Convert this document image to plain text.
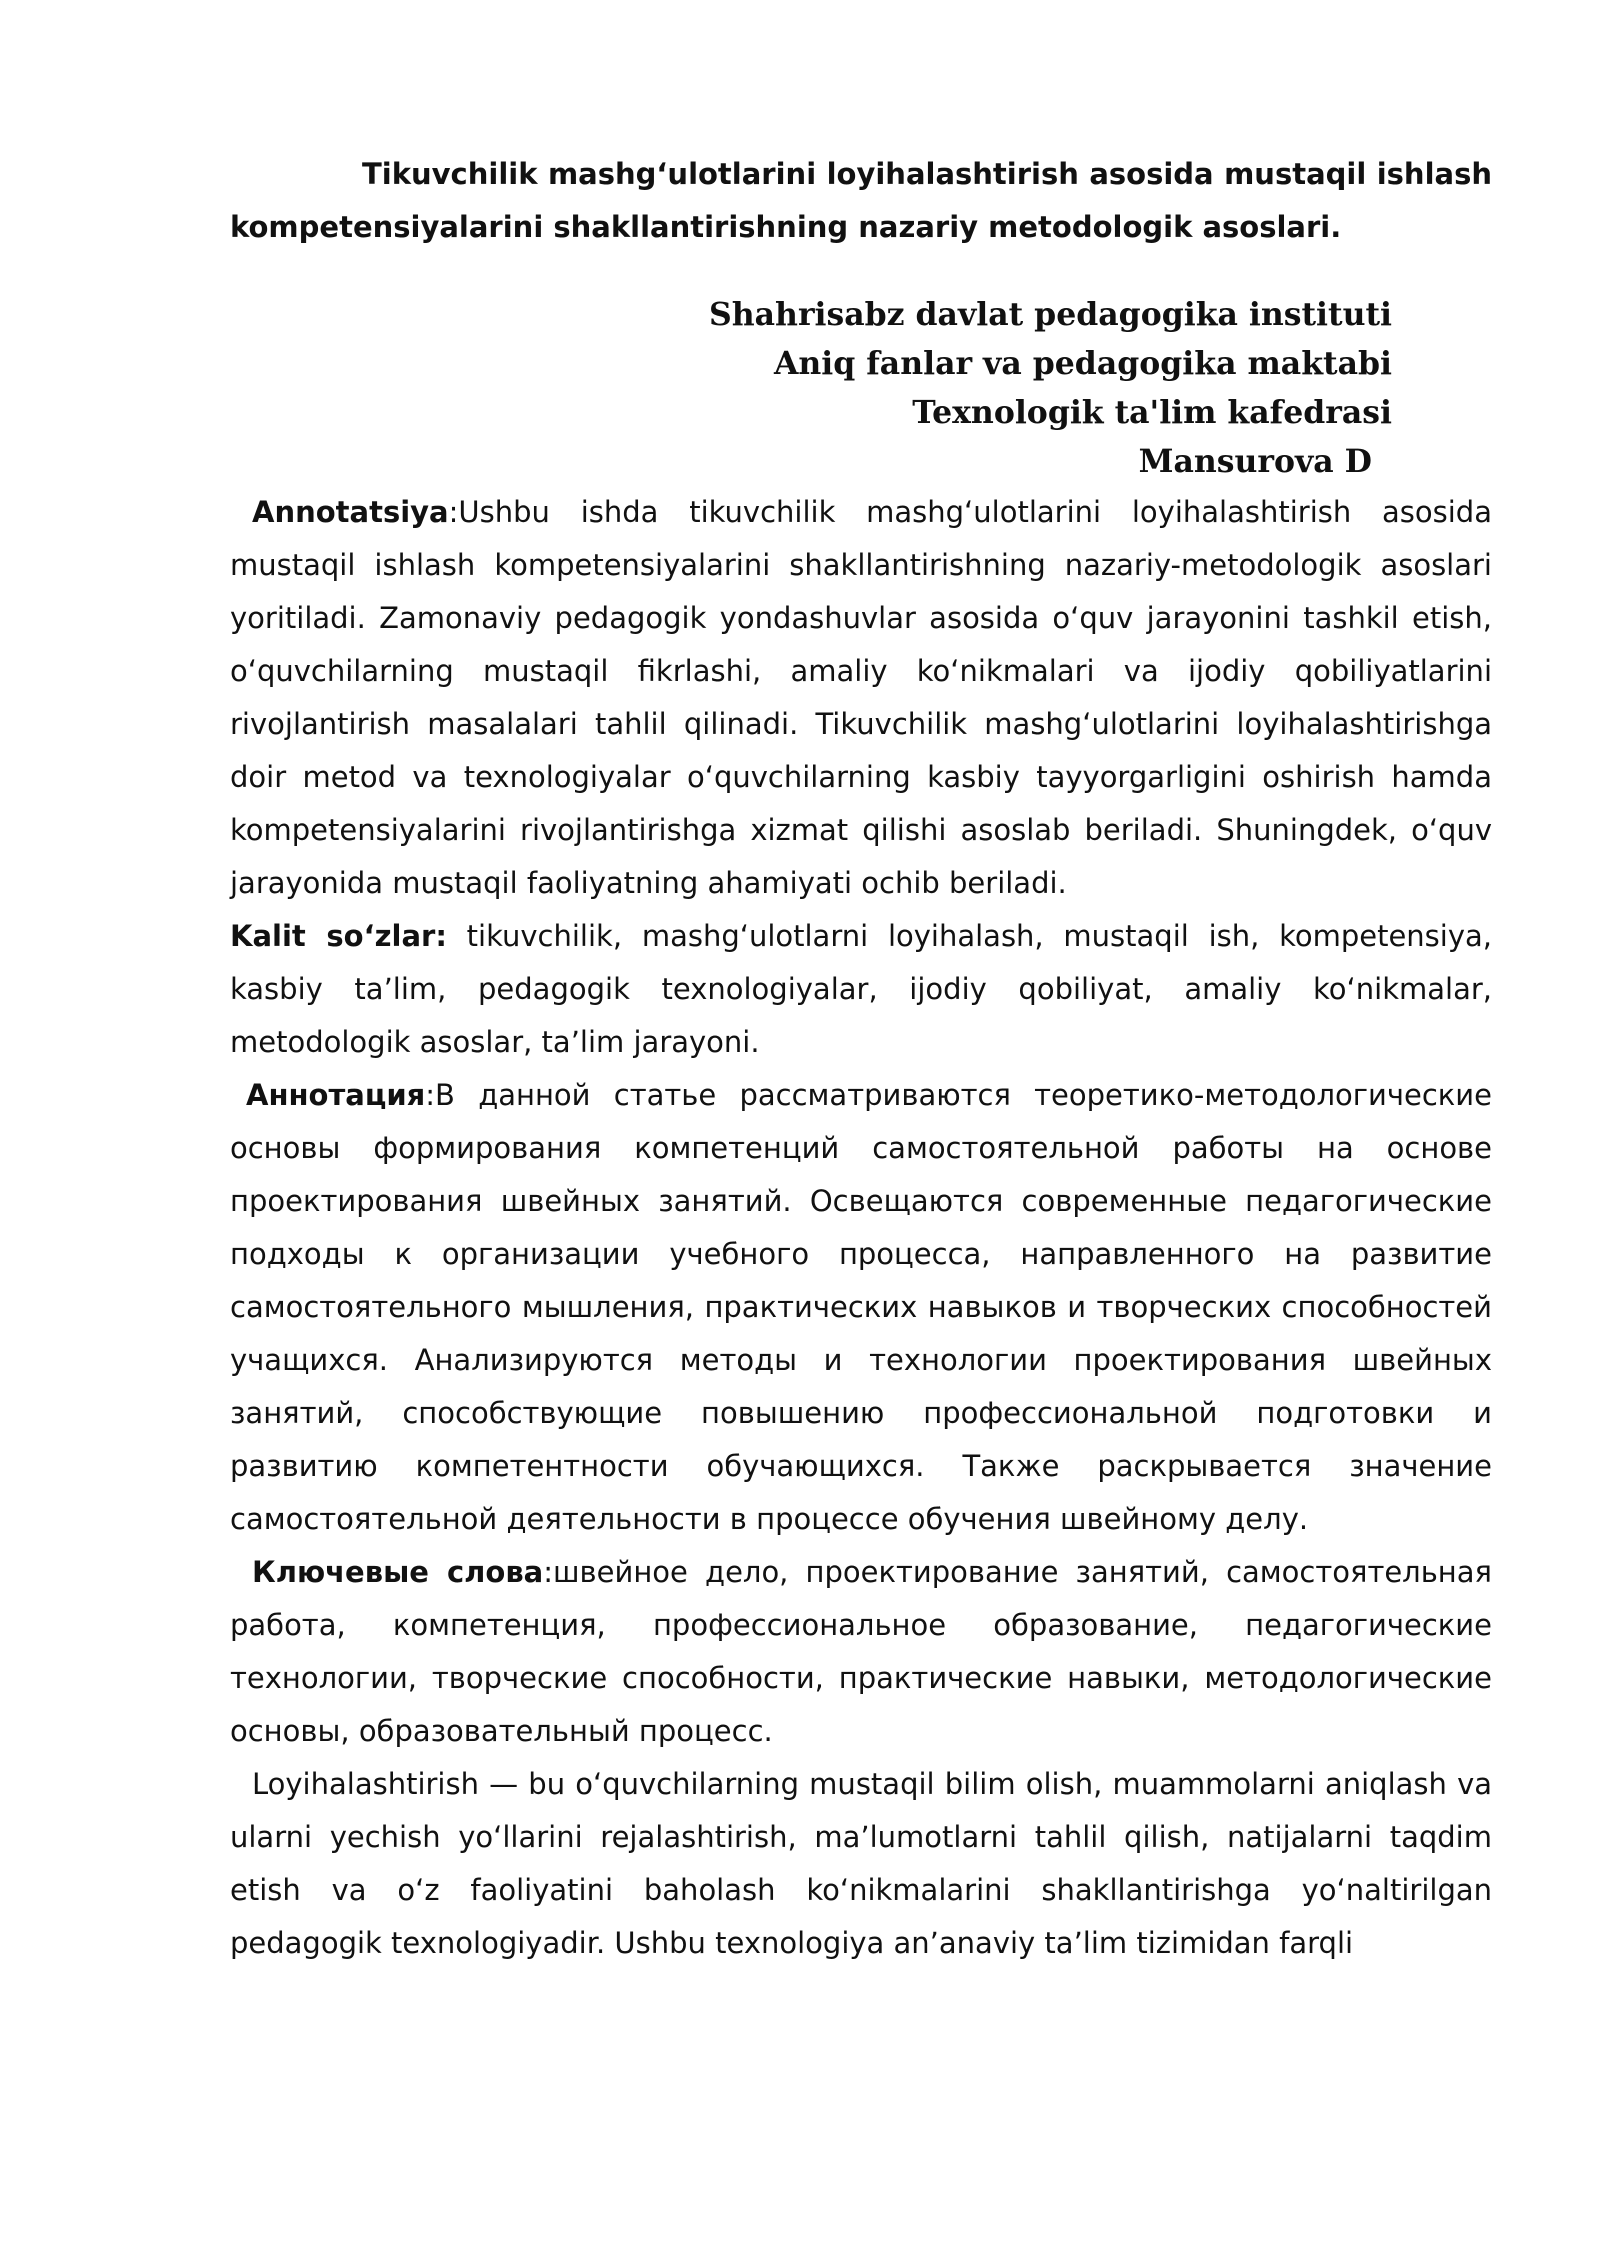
Tikuvchilik mashgʻulotlarini loyihalashtirish asosida mustaqil ishlash kompetensiyalarini shakllantirishning nazariy metodologik asoslari.

Shahrisabz davlat pedagogika instituti
Aniq fanlar va pedagogika maktabi
Texnologik ta'lim kafedrasi
Mansurova D

Annotatsiya:Ushbu ishda tikuvchilik mashgʻulotlarini loyihalashtirish asosida mustaqil ishlash kompetensiyalarini shakllantirishning nazariy-metodologik asoslari yoritiladi. Zamonaviy pedagogik yondashuvlar asosida oʻquv jarayonini tashkil etish, oʻquvchilarning mustaqil fikrlashi, amaliy koʻnikmalari va ijodiy qobiliyatlarini rivojlantirish masalalari tahlil qilinadi. Tikuvchilik mashgʻulotlarini loyihalashtirishga doir metod va texnologiyalar oʻquvchilarning kasbiy tayyorgarligini oshirish hamda kompetensiyalarini rivojlantirishga xizmat qilishi asoslab beriladi. Shuningdek, oʻquv jarayonida mustaqil faoliyatning ahamiyati ochib beriladi.

Kalit soʻzlar: tikuvchilik, mashgʻulotlarni loyihalash, mustaqil ish, kompetensiya, kasbiy ta’lim, pedagogik texnologiyalar, ijodiy qobiliyat, amaliy koʻnikmalar, metodologik asoslar, ta’lim jarayoni.

Аннотация:В данной статье рассматриваются теоретико-методологические основы формирования компетенций самостоятельной работы на основе проектирования швейных занятий. Освещаются современные педагогические подходы к организации учебного процесса, направленного на развитие самостоятельного мышления, практических навыков и творческих способностей учащихся. Анализируются методы и технологии проектирования швейных занятий, способствующие повышению профессиональной подготовки и развитию компетентности обучающихся. Также раскрывается значение самостоятельной деятельности в процессе обучения швейному делу.

Ключевые слова:швейное дело, проектирование занятий, самостоятельная работа, компетенция, профессиональное образование, педагогические технологии, творческие способности, практические навыки, методологические основы, образовательный процесс.

Loyihalashtirish — bu oʻquvchilarning mustaqil bilim olish, muammolarni aniqlash va ularni yechish yoʻllarini rejalashtirish, ma’lumotlarni tahlil qilish, natijalarni taqdim etish va oʻz faoliyatini baholash koʻnikmalarini shakllantirishga yoʻnaltirilgan pedagogik texnologiyadir. Ushbu texnologiya an’anaviy ta’lim tizimidan farqli
